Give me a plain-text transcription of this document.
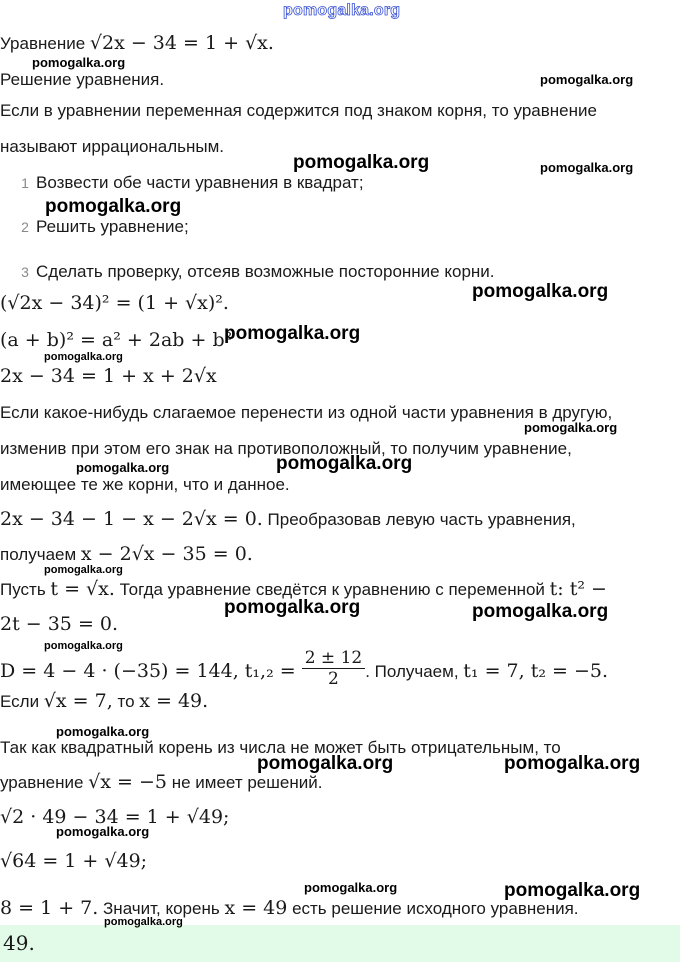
pomogalka.org
Уравнение √2x − 34 = 1 + √x.
Решение уравнения.
Если в уравнении переменная содержится под знаком корня, то уравнение
называют иррациональным.
1 Возвести обе части уравнения в квадрат;
2 Решить уравнение;
3 Сделать проверку, отсеяв возможные посторонние корни.
(√2x − 34)² = (1 + √x)².
(a + b)² = a² + 2ab + b²
2x − 34 = 1 + x + 2√x
Если какое-нибудь слагаемое перенести из одной части уравнения в другую,
изменив при этом его знак на противоположный, то получим уравнение,
имеющее те же корни, что и данное.
2x − 34 − 1 − x − 2√x = 0. Преобразовав левую часть уравнения,
получаем x − 2√x − 35 = 0.
Пусть t = √x. Тогда уравнение сведётся к уравнению с переменной t: t² −
2t − 35 = 0.
D = 4 − 4 · (−35) = 144, $t_1,_2 = \frac{2 \pm 12}{2}$ . Получаем, t₁ = 7, t₂ = −5.
Если √x = 7, то x = 49.
Так как квадратный корень из числа не может быть отрицательным, то
уравнение √x = −5 не имеет решений.
√2 · 49 − 34 = 1 + √49;
√64 = 1 + √49;
8 = 1 + 7. Значит, корень x = 49 есть решение исходного уравнения.
49.
pomogalka.org
pomogalka.org
pomogalka.org	pomogalka.org
pomogalka.org
pomogalka.org
pomogalka.org
pomogalka.org
pomogalka.org
pomogalka.org
pomogalka.org
pomogalka.org
pomogalka.org	pomogalka.org
pomogalka.org
pomogalka.org
pomogalka.org	pomogalka.org
pomogalka.org
pomogalka.org	pomogalka.org
pomogalka.org
